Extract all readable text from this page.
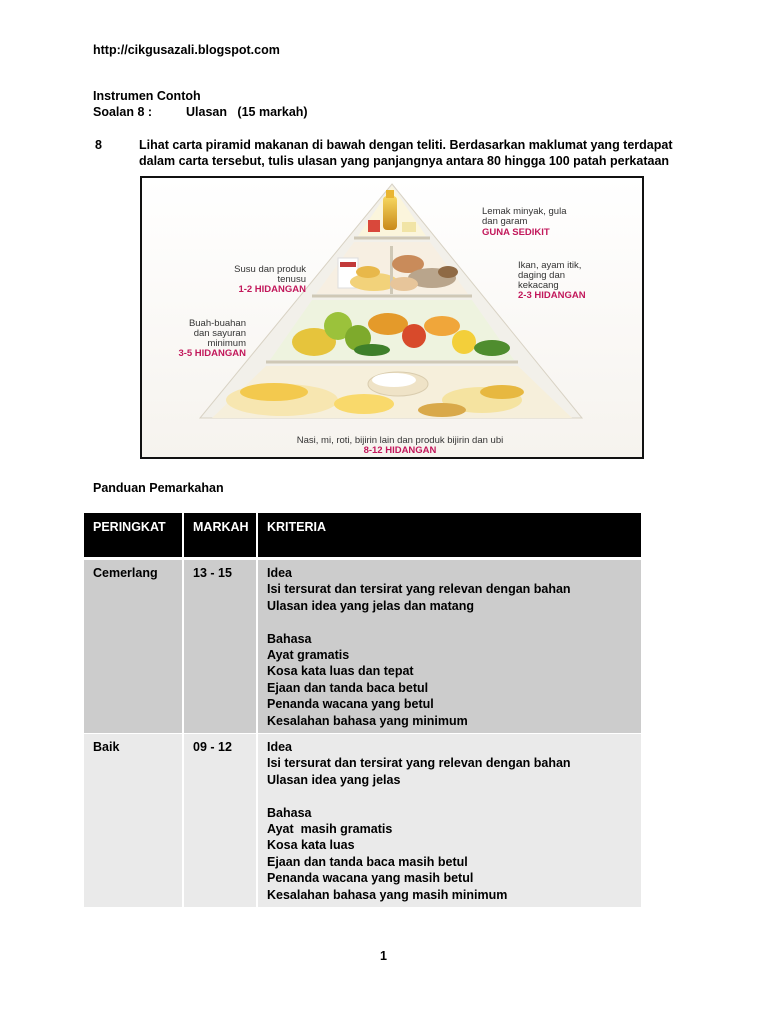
http://cikgusazali.blogspot.com
Instrumen Contoh
Soalan 8 :	Ulasan   (15 markah)
8	Lihat carta piramid makanan di bawah dengan teliti. Berdasarkan maklumat yang terdapat
dalam carta tersebut, tulis ulasan yang panjangnya antara 80 hingga 100 patah perkataan
Lemak minyak, gula
dan garam
GUNA SEDIKIT
Susu dan produk
tenusu
1-2 HIDANGAN
Ikan, ayam itik,
daging dan
kekacang
2-3 HIDANGAN
Buah-buahan
dan sayuran
minimum
3-5 HIDANGAN
Nasi, mi, roti, bijirin lain dan produk bijirin dan ubi
8-12 HIDANGAN
Panduan Pemarkahan
PERINGKAT	MARKAH	KRITERIA
Cemerlang	13 - 15	Idea
Isi tersurat dan tersirat yang relevan dengan bahan
Ulasan idea yang jelas dan matang
Bahasa
Ayat gramatis
Kosa kata luas dan tepat
Ejaan dan tanda baca betul
Penanda wacana yang betul
Kesalahan bahasa yang minimum
Baik	09 - 12	Idea
Isi tersurat dan tersirat yang relevan dengan bahan
Ulasan idea yang jelas
Bahasa
Ayat  masih gramatis
Kosa kata luas
Ejaan dan tanda baca masih betul
Penanda wacana yang masih betul
Kesalahan bahasa yang masih minimum
1
